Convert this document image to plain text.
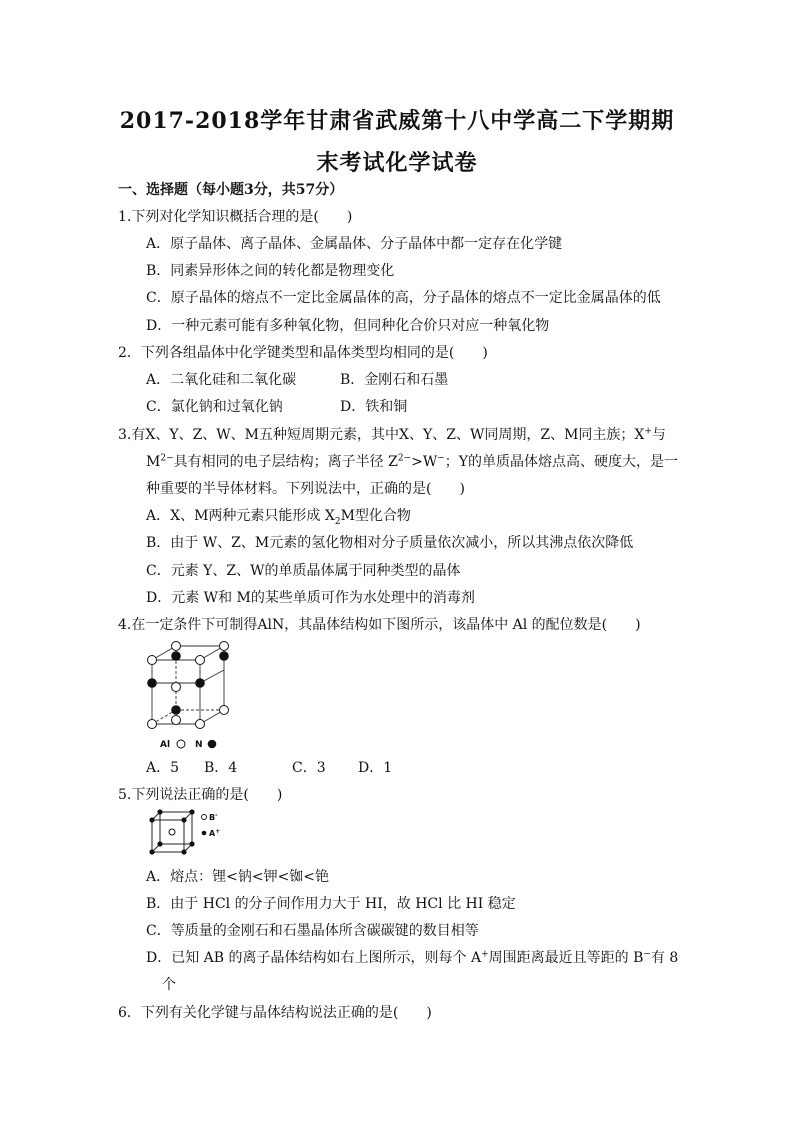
2017-2018学年甘肃省武威第十八中学高二下学期期
末考试化学试卷
一、选择题（每小题3分，共57分）
1.下列对化学知识概括合理的是(　　)
A．原子晶体、离子晶体、金属晶体、分子晶体中都一定存在化学键
B．同素异形体之间的转化都是物理变化
C．原子晶体的熔点不一定比金属晶体的高，分子晶体的熔点不一定比金属晶体的低
D．一种元素可能有多种氧化物，但同种化合价只对应一种氧化物
2．下列各组晶体中化学键类型和晶体类型均相同的是(　　)
A．二氧化硅和二氧化碳	B．金刚石和石墨
C．氯化钠和过氧化钠	D．铁和铜
3.有X、Y、Z、W、M五种短周期元素，其中X、Y、Z、W同周期，Z、M同主族；X+与
$M^{2-}$具有相同的电子层结构；离子半径 $Z^{2-}>W^-$；Y的单质晶体熔点高、硬度大，是一
种重要的半导体材料。下列说法中，正确的是(　　)
A．X、M两种元素只能形成 $X_2M$型化合物
B．由于 W、Z、M元素的氢化物相对分子质量依次减小，所以其沸点依次降低
C．元素 Y、Z、W的单质晶体属于同种类型的晶体
D．元素 W和 M的某些单质可作为水处理中的消毒剂
4.在一定条件下可制得AlN，其晶体结构如下图所示，该晶体中 Al 的配位数是(　　)
Al	N
A．5 B．4	C．3 D．1
5.下列说法正确的是(　　)
B-
A+
A．熔点：锂<钠<钾<铷<铯
B．由于 HCl 的分子间作用力大于 HI，故 HCl 比 HI 稳定
C．等质量的金刚石和石墨晶体所含碳碳键的数目相等
D．已知 AB 的离子晶体结构如右上图所示，则每个 A+周围距离最近且等距的 B−有 8
个
6．下列有关化学键与晶体结构说法正确的是(　　)
